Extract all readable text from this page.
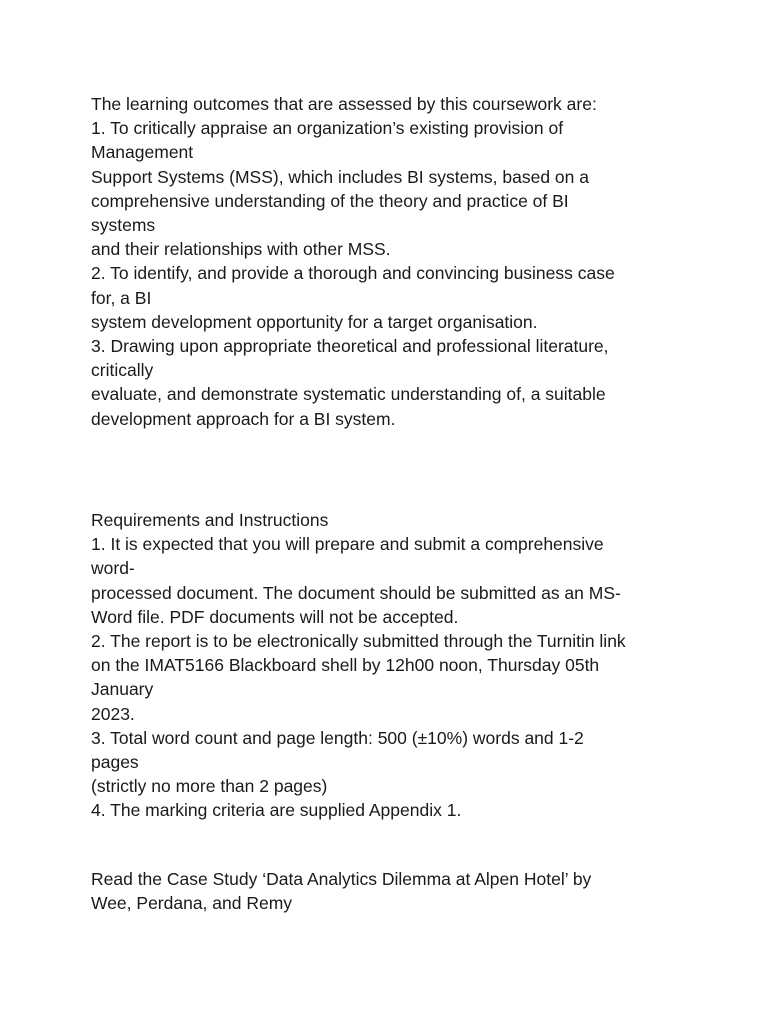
The learning outcomes that are assessed by this coursework are:
1. To critically appraise an organization’s existing provision of
Management
Support Systems (MSS), which includes BI systems, based on a
comprehensive understanding of the theory and practice of BI
systems
and their relationships with other MSS.
2. To identify, and provide a thorough and convincing business case
for, a BI
system development opportunity for a target organisation.
3. Drawing upon appropriate theoretical and professional literature,
critically
evaluate, and demonstrate systematic understanding of, a suitable
development approach for a BI system.
Requirements and Instructions
1. It is expected that you will prepare and submit a comprehensive
word-
processed document. The document should be submitted as an MS-
Word file. PDF documents will not be accepted.
2. The report is to be electronically submitted through the Turnitin link
on the IMAT5166 Blackboard shell by 12h00 noon, Thursday 05th
January
2023.
3. Total word count and page length: 500 (±10%) words and 1-2
pages
(strictly no more than 2 pages)
4. The marking criteria are supplied Appendix 1.
Read the Case Study ‘Data Analytics Dilemma at Alpen Hotel’ by
Wee, Perdana, and Remy
